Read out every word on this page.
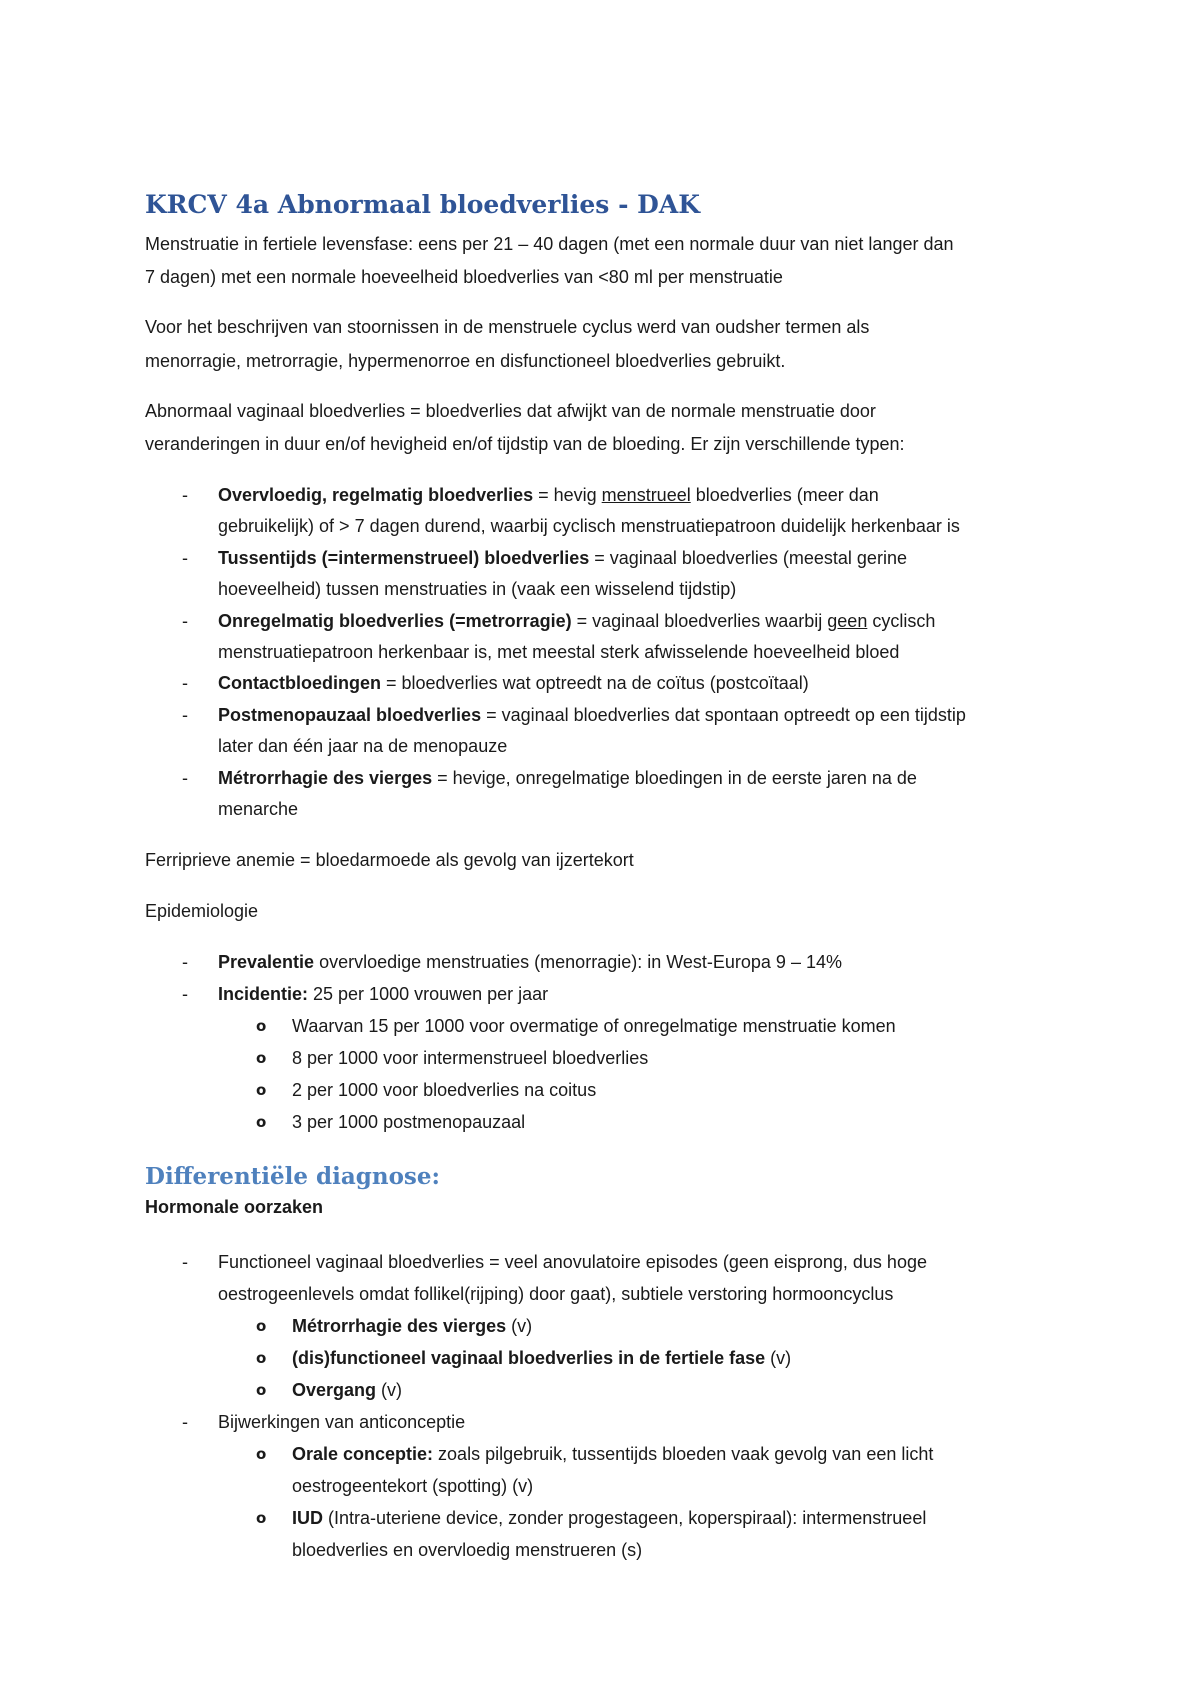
KRCV 4a Abnormaal bloedverlies - DAK
Menstruatie in fertiele levensfase: eens per 21 – 40 dagen (met een normale duur van niet langer dan
7 dagen) met een normale hoeveelheid bloedverlies van <80 ml per menstruatie
Voor het beschrijven van stoornissen in de menstruele cyclus werd van oudsher termen als
menorragie, metrorragie, hypermenorroe en disfunctioneel bloedverlies gebruikt.
Abnormaal vaginaal bloedverlies = bloedverlies dat afwijkt van de normale menstruatie door
veranderingen in duur en/of hevigheid en/of tijdstip van de bloeding. Er zijn verschillende typen:
- Overvloedig, regelmatig bloedverlies = hevig menstrueel bloedverlies (meer dan
gebruikelijk) of > 7 dagen durend, waarbij cyclisch menstruatiepatroon duidelijk herkenbaar is
- Tussentijds (=intermenstrueel) bloedverlies = vaginaal bloedverlies (meestal gerine
hoeveelheid) tussen menstruaties in (vaak een wisselend tijdstip)
- Onregelmatig bloedverlies (=metrorragie) = vaginaal bloedverlies waarbij geen cyclisch
menstruatiepatroon herkenbaar is, met meestal sterk afwisselende hoeveelheid bloed
- Contactbloedingen = bloedverlies wat optreedt na de coïtus (postcoïtaal)
- Postmenopauzaal bloedverlies = vaginaal bloedverlies dat spontaan optreedt op een tijdstip
later dan één jaar na de menopauze
- Métrorrhagie des vierges = hevige, onregelmatige bloedingen in de eerste jaren na de
menarche
Ferriprieve anemie = bloedarmoede als gevolg van ijzertekort
Epidemiologie
- Prevalentie overvloedige menstruaties (menorragie): in West-Europa 9 – 14%
- Incidentie: 25 per 1000 vrouwen per jaar
o Waarvan 15 per 1000 voor overmatige of onregelmatige menstruatie komen
o 8 per 1000 voor intermenstrueel bloedverlies
o 2 per 1000 voor bloedverlies na coitus
o 3 per 1000 postmenopauzaal
Differentiële diagnose:
Hormonale oorzaken
- Functioneel vaginaal bloedverlies = veel anovulatoire episodes (geen eisprong, dus hoge
oestrogeenlevels omdat follikel(rijping) door gaat), subtiele verstoring hormooncyclus
o Métrorrhagie des vierges (v)
o (dis)functioneel vaginaal bloedverlies in de fertiele fase (v)
o Overgang (v)
- Bijwerkingen van anticonceptie
o Orale conceptie: zoals pilgebruik, tussentijds bloeden vaak gevolg van een licht
oestrogeentekort (spotting) (v)
o IUD (Intra-uteriene device, zonder progestageen, koperspiraal): intermenstrueel
bloedverlies en overvloedig menstrueren (s)
